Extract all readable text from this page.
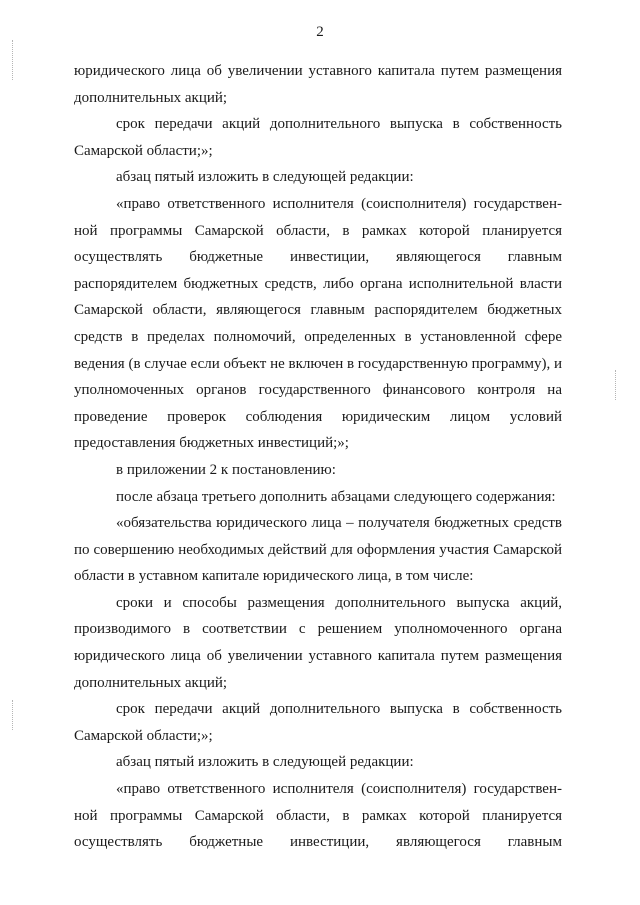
2

юридического лица об увеличении уставного капитала путем размещения дополнительных акций;

срок передачи акций дополнительного выпуска в собственность Самарской области;»;

абзац пятый изложить в следующей редакции:

«право ответственного исполнителя (соисполнителя) государствен-ной программы Самарской области, в рамках которой планируется осуществлять бюджетные инвестиции, являющегося главным распорядителем бюджетных средств, либо органа исполнительной власти Самарской области, являющегося главным распорядителем бюджетных средств в пределах полномочий, определенных в установленной сфере ведения (в случае если объект не включен в государственную программу), и уполномоченных органов государственного финансового контроля на проведение проверок соблюдения юридическим лицом условий предоставления бюджетных инвестиций;»;

в приложении 2 к постановлению:

после абзаца третьего дополнить абзацами следующего содержания:

«обязательства юридического лица – получателя бюджетных средств по совершению необходимых действий для оформления участия Самарской области в уставном капитале юридического лица, в том числе:

сроки и способы размещения дополнительного выпуска акций, производимого в соответствии с решением уполномоченного органа юридического лица об увеличении уставного капитала путем размещения дополнительных акций;

срок передачи акций дополнительного выпуска в собственность Самарской области;»;

абзац пятый изложить в следующей редакции:

«право ответственного исполнителя (соисполнителя) государствен-ной программы Самарской области, в рамках которой планируется осуществлять бюджетные инвестиции, являющегося главным
